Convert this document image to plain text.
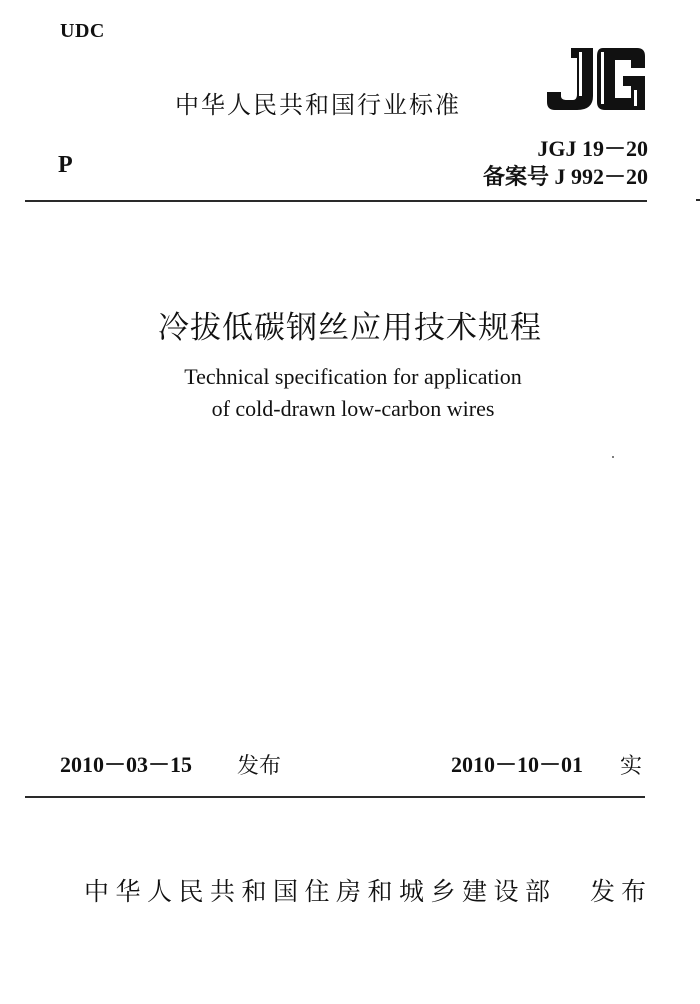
UDC
中华人民共和国行业标准
P
JGJ 19－20
备案号 J 992－20
冷拔低碳钢丝应用技术规程
Technical specification for application
of cold-drawn low-carbon wires
2010－03－15 发布	2010－10－01 实
中华人民共和国住房和城乡建设部 发布
